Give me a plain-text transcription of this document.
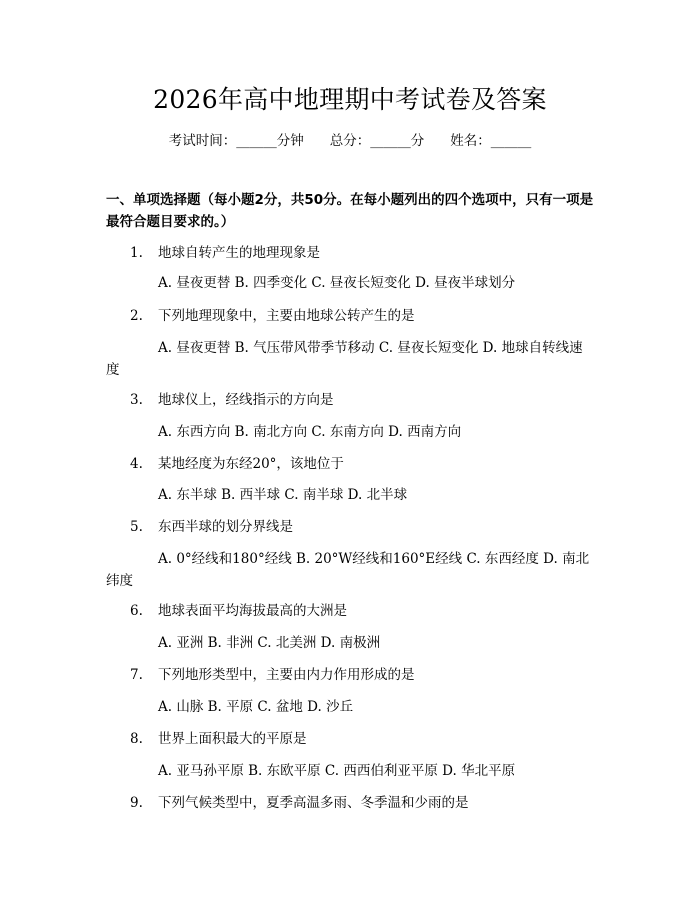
2026年高中地理期中考试卷及答案
考试时间：______分钟 总分：______分 姓名：______
一、单项选择题（每小题2分，共50分。在每小题列出的四个选项中，只有一项是最符合题目要求的。）
1. 地球自转产生的地理现象是
A. 昼夜更替 B. 四季变化 C. 昼夜长短变化 D. 昼夜半球划分
2. 下列地理现象中，主要由地球公转产生的是
A. 昼夜更替 B. 气压带风带季节移动 C. 昼夜长短变化 D. 地球自转线速度
3. 地球仪上，经线指示的方向是
A. 东西方向 B. 南北方向 C. 东南方向 D. 西南方向
4. 某地经度为东经20°，该地位于
A. 东半球 B. 西半球 C. 南半球 D. 北半球
5. 东西半球的划分界线是
A. 0°经线和180°经线 B. 20°W经线和160°E经线 C. 东西经度 D. 南北纬度
6. 地球表面平均海拔最高的大洲是
A. 亚洲 B. 非洲 C. 北美洲 D. 南极洲
7. 下列地形类型中，主要由内力作用形成的是
A. 山脉 B. 平原 C. 盆地 D. 沙丘
8. 世界上面积最大的平原是
A. 亚马孙平原 B. 东欧平原 C. 西西伯利亚平原 D. 华北平原
9. 下列气候类型中，夏季高温多雨、冬季温和少雨的是
